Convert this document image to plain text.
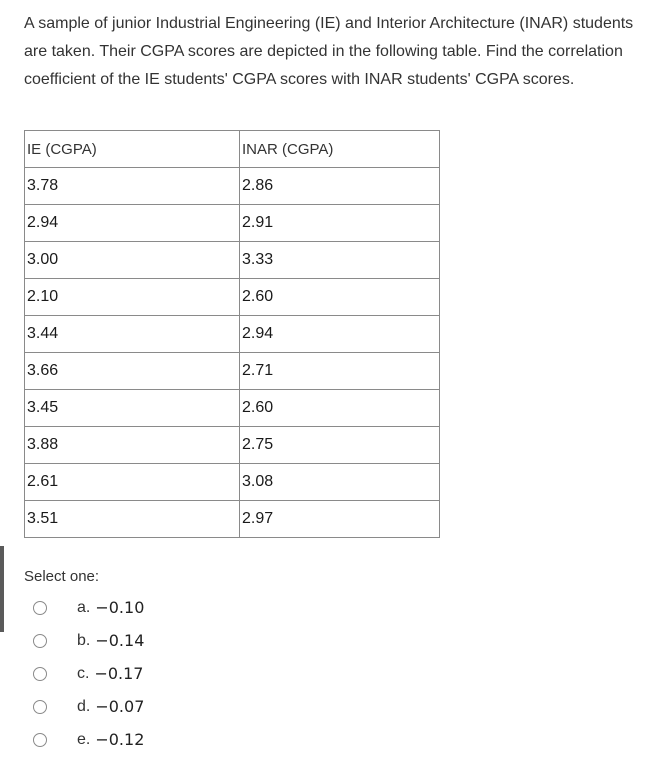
A sample of junior Industrial Engineering (IE) and Interior Architecture (INAR) students are taken. Their CGPA scores are depicted in the following table. Find the correlation coefficient of the IE students' CGPA scores with INAR students' CGPA scores.
IE (CGPA)	INAR (CGPA)
3.78	2.86
2.94	2.91
3.00	3.33
2.10	2.60
3.44	2.94
3.66	2.71
3.45	2.60
3.88	2.75
2.61	3.08
3.51	2.97
Select one:
a. −0.10
b. −0.14
c. −0.17
d. −0.07
e. −0.12
